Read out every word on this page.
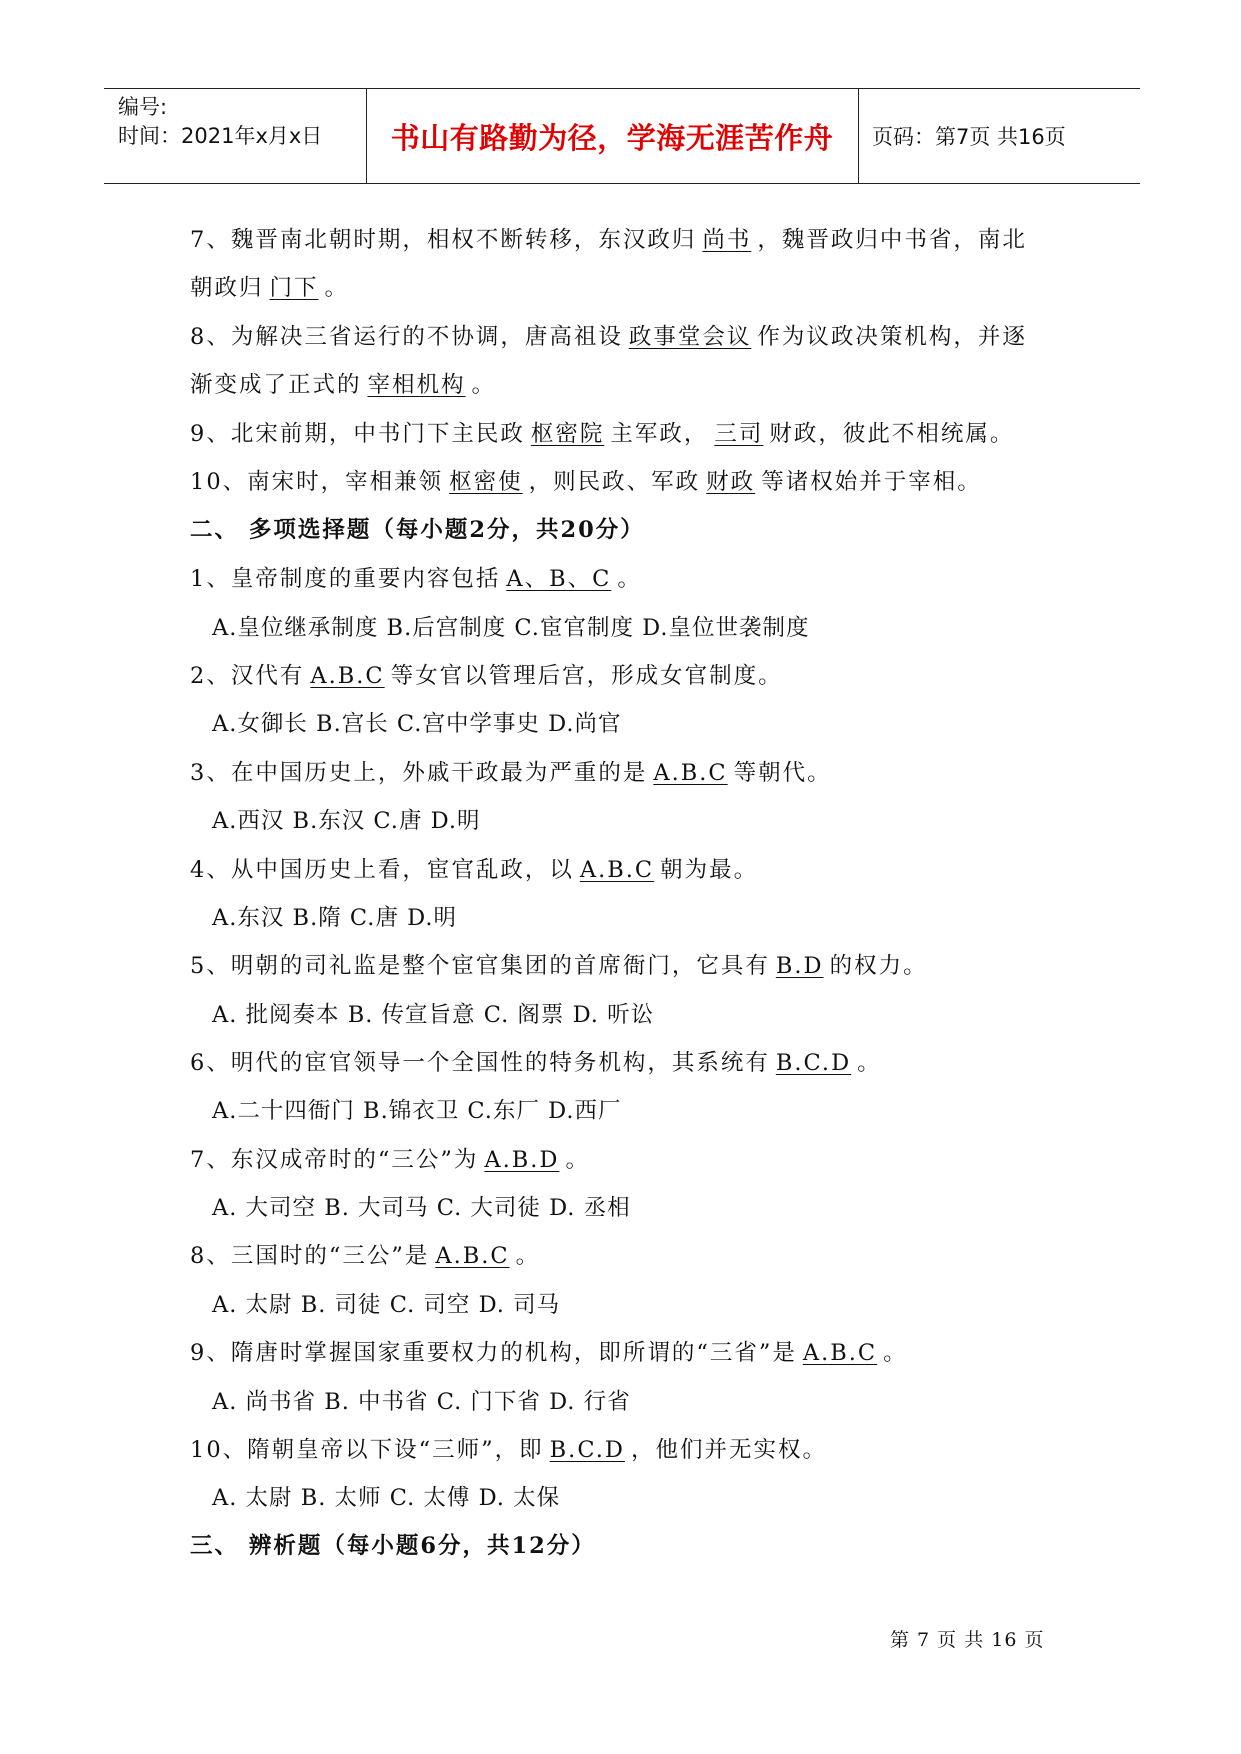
编号:
时间：2021年x月x日	书山有路勤为径，学海无涯苦作舟	页码：第7页 共16页
7、魏晋南北朝时期，相权不断转移，东汉政归 尚书 ，魏晋政归中书省，南北
朝政归 门下 。
8、为解决三省运行的不协调，唐高祖设 政事堂会议 作为议政决策机构，并逐
渐变成了正式的 宰相机构 。
9、北宋前期，中书门下主民政 枢密院 主军政， 三司 财政，彼此不相统属。
10、南宋时，宰相兼领 枢密使 ，则民政、军政 财政 等诸权始并于宰相。
二、 多项选择题（每小题2分，共20分）
1、皇帝制度的重要内容包括 A、B、C 。
A.皇位继承制度 B.后宫制度 C.宦官制度 D.皇位世袭制度
2、汉代有 A.B.C 等女官以管理后宫，形成女官制度。
A.女御长 B.宫长 C.宫中学事史 D.尚官
3、在中国历史上，外戚干政最为严重的是 A.B.C 等朝代。
A.西汉 B.东汉 C.唐 D.明
4、从中国历史上看，宦官乱政，以 A.B.C 朝为最。
A.东汉 B.隋 C.唐 D.明
5、明朝的司礼监是整个宦官集团的首席衙门，它具有 B.D 的权力。
A. 批阅奏本 B. 传宣旨意 C. 阁票 D. 听讼
6、明代的宦官领导一个全国性的特务机构，其系统有 B.C.D 。
A.二十四衙门 B.锦衣卫 C.东厂 D.西厂
7、东汉成帝时的“三公”为 A.B.D 。
A. 大司空 B. 大司马 C. 大司徒 D. 丞相
8、三国时的“三公”是 A.B.C 。
A. 太尉 B. 司徒 C. 司空 D. 司马
9、隋唐时掌握国家重要权力的机构，即所谓的“三省”是 A.B.C 。
A. 尚书省 B. 中书省 C. 门下省 D. 行省
10、隋朝皇帝以下设“三师”，即 B.C.D ，他们并无实权。
A. 太尉 B. 太师 C. 太傅 D. 太保
三、 辨析题（每小题6分，共12分）
第 7 页 共 16 页
